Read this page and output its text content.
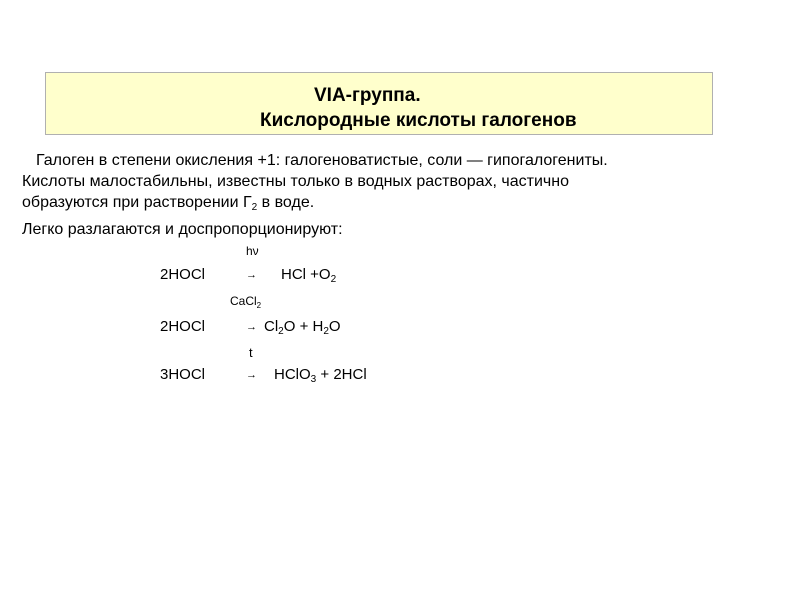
VIA-группа.
Кислородные кислоты галогенов
Галоген в степени окисления +1: галогеноватистые, соли — гипогалогениты.
Кислоты малостабильны, известны только в водных растворах, частично
образуются при растворении $Г_2$ в воде.
Легко разлагаются и доспропорционируют:
hν
2HOCl	→ HCl $+O_2$
CaCl$_2$
2HOCl	→ $Cl_2O + H_2O$
t
3HOCl	→ HClO$_3$ + 2HCl
